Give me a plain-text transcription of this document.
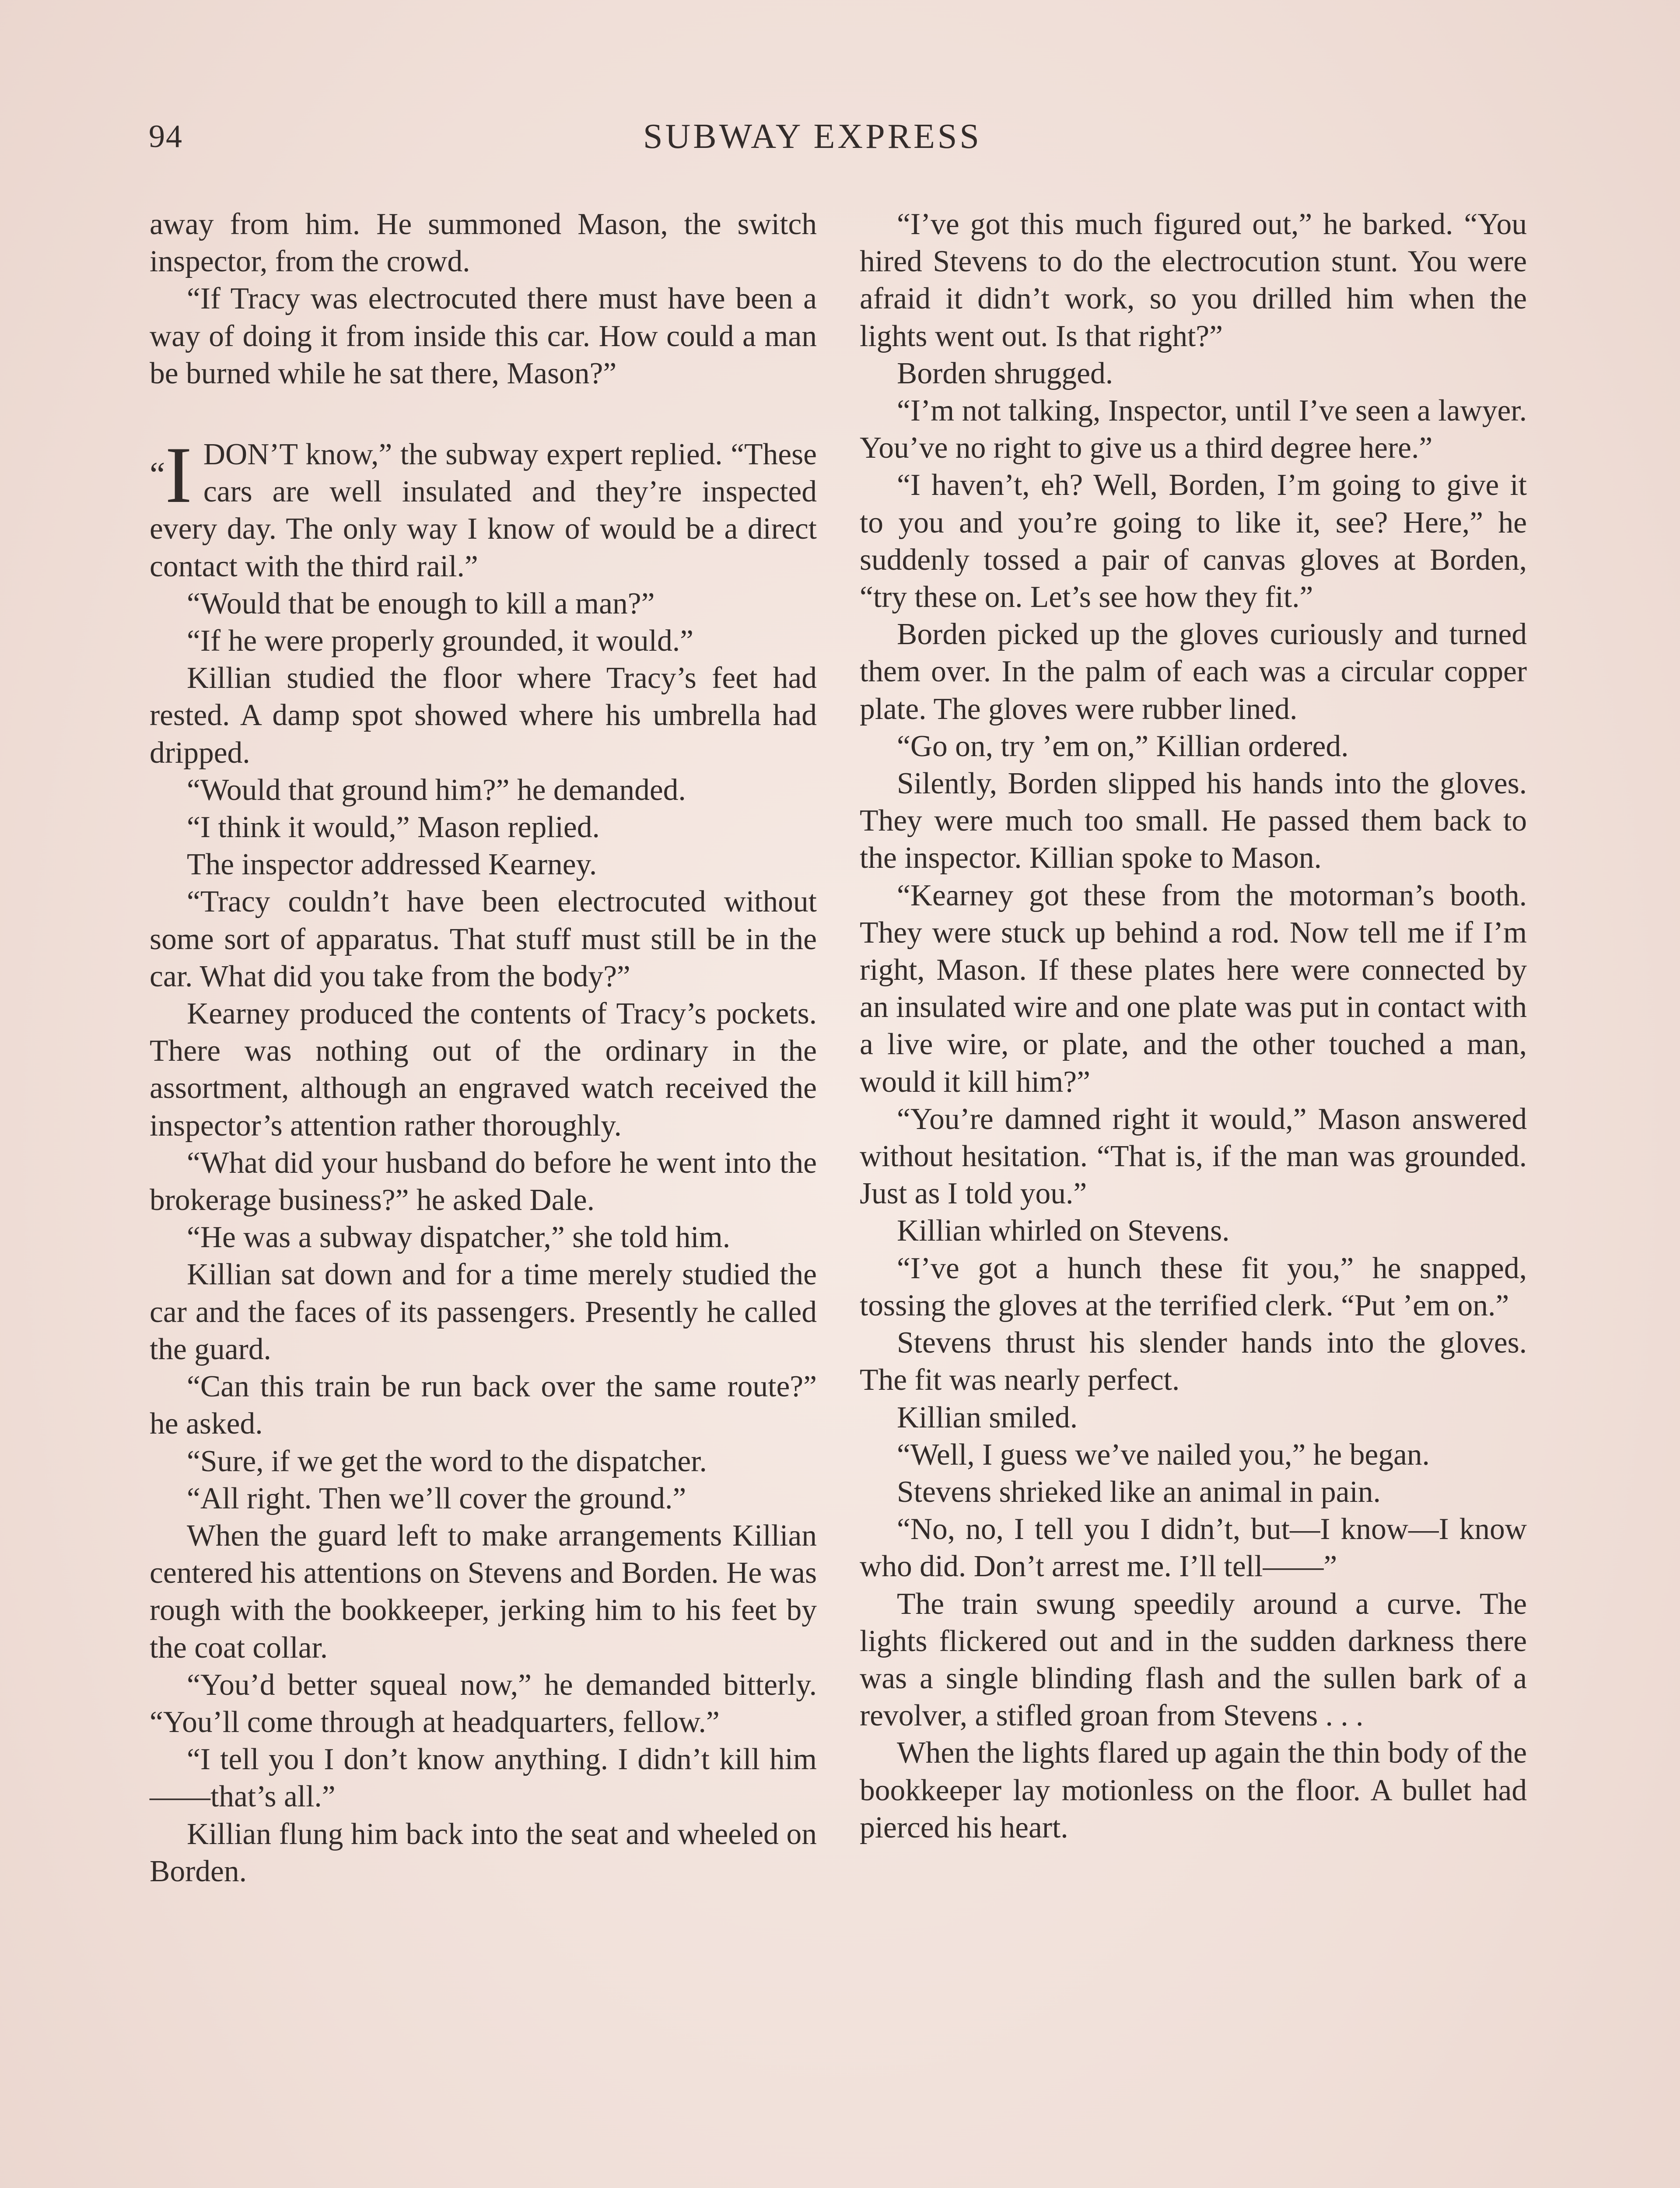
94	SUBWAY EXPRESS

away from him. He summoned Mason, the switch inspector, from the crowd.

“If Tracy was electrocuted there must have been a way of doing it from inside this car. How could a man be burned while he sat there, Mason?”

“I DON’T know,” the subway expert replied. “These cars are well insulated and they’re inspected every day. The only way I know of would be a direct contact with the third rail.”

“Would that be enough to kill a man?”

“If he were properly grounded, it would.”

Killian studied the floor where Tracy’s feet had rested. A damp spot showed where his umbrella had dripped.

“Would that ground him?” he demanded.

“I think it would,” Mason replied.

The inspector addressed Kearney.

“Tracy couldn’t have been electrocuted without some sort of apparatus. That stuff must still be in the car. What did you take from the body?”

Kearney produced the contents of Tracy’s pockets. There was nothing out of the ordinary in the assortment, although an engraved watch received the inspector’s attention rather thoroughly.

“What did your husband do before he went into the brokerage business?” he asked Dale.

“He was a subway dispatcher,” she told him.

Killian sat down and for a time merely studied the car and the faces of its passengers. Presently he called the guard.

“Can this train be run back over the same route?” he asked.

“Sure, if we get the word to the dispatcher.

“All right. Then we’ll cover the ground.”

When the guard left to make arrangements Killian centered his attentions on Stevens and Borden. He was rough with the bookkeeper, jerking him to his feet by the coat collar.

“You’d better squeal now,” he demanded bitterly. “You’ll come through at headquarters, fellow.”

“I tell you I don’t know anything. I didn’t kill him——that’s all.”

Killian flung him back into the seat and wheeled on Borden.

“I’ve got this much figured out,” he barked. “You hired Stevens to do the electrocution stunt. You were afraid it didn’t work, so you drilled him when the lights went out. Is that right?”

Borden shrugged.

“I’m not talking, Inspector, until I’ve seen a lawyer. You’ve no right to give us a third degree here.”

“I haven’t, eh? Well, Borden, I’m going to give it to you and you’re going to like it, see? Here,” he suddenly tossed a pair of canvas gloves at Borden, “try these on. Let’s see how they fit.”

Borden picked up the gloves curiously and turned them over. In the palm of each was a circular copper plate. The gloves were rubber lined.

“Go on, try ’em on,” Killian ordered.

Silently, Borden slipped his hands into the gloves. They were much too small. He passed them back to the inspector. Killian spoke to Mason.

“Kearney got these from the motorman’s booth. They were stuck up behind a rod. Now tell me if I’m right, Mason. If these plates here were connected by an insulated wire and one plate was put in contact with a live wire, or plate, and the other touched a man, would it kill him?”

“You’re damned right it would,” Mason answered without hesitation. “That is, if the man was grounded. Just as I told you.”

Killian whirled on Stevens.

“I’ve got a hunch these fit you,” he snapped, tossing the gloves at the terrified clerk. “Put ’em on.”

Stevens thrust his slender hands into the gloves. The fit was nearly perfect.

Killian smiled.

“Well, I guess we’ve nailed you,” he began.

Stevens shrieked like an animal in pain.

“No, no, I tell you I didn’t, but—I know—I know who did. Don’t arrest me. I’ll tell——”

The train swung speedily around a curve. The lights flickered out and in the sudden darkness there was a single blinding flash and the sullen bark of a revolver, a stifled groan from Stevens . . .

When the lights flared up again the thin body of the bookkeeper lay motionless on the floor. A bullet had pierced his heart.
